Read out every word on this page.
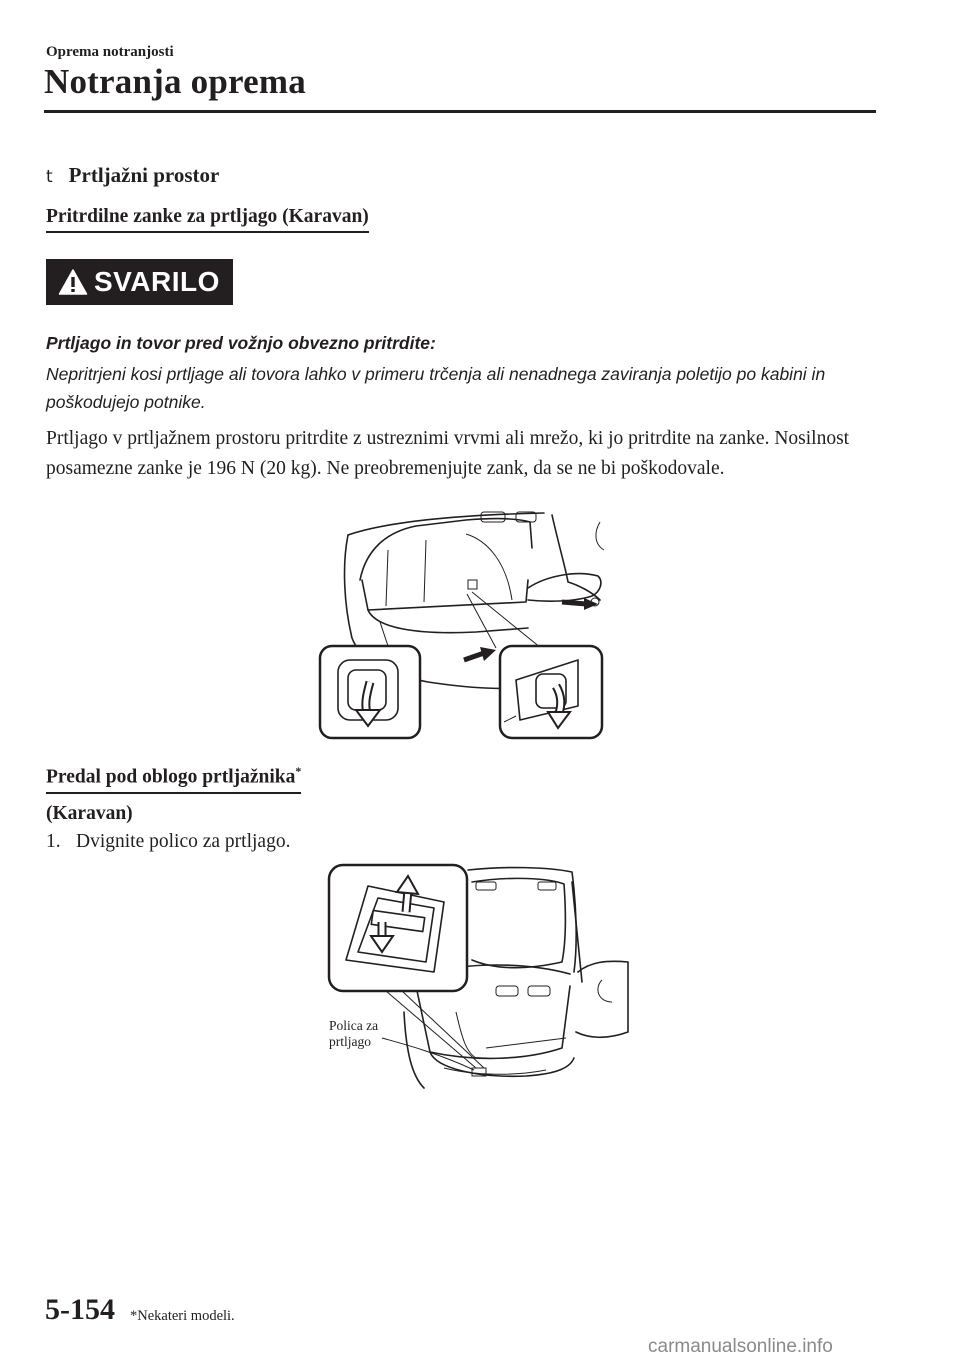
Oprema notranjosti
Notranja oprema
t Prtljažni prostor
Pritrdilne zanke za prtljago (Karavan)
SVARILO
Prtljago in tovor pred vožnjo obvezno pritrdite:
Nepritrjeni kosi prtljage ali tovora lahko v primeru trčenja ali nenadnega zaviranja poletijo po kabini in poškodujejo potnike.
Prtljago v prtljažnem prostoru pritrdite z ustreznimi vrvmi ali mrežo, ki jo pritrdite na zanke. Nosilnost posamezne zanke je 196 N (20 kg). Ne preobremenjujte zank, da se ne bi poškodovale.
Predal pod oblogo prtljažnika*
(Karavan)
1. Dvignite polico za prtljago.
Polica za
prtljago
5-154 *Nekateri modeli.
carmanualsonline.info
